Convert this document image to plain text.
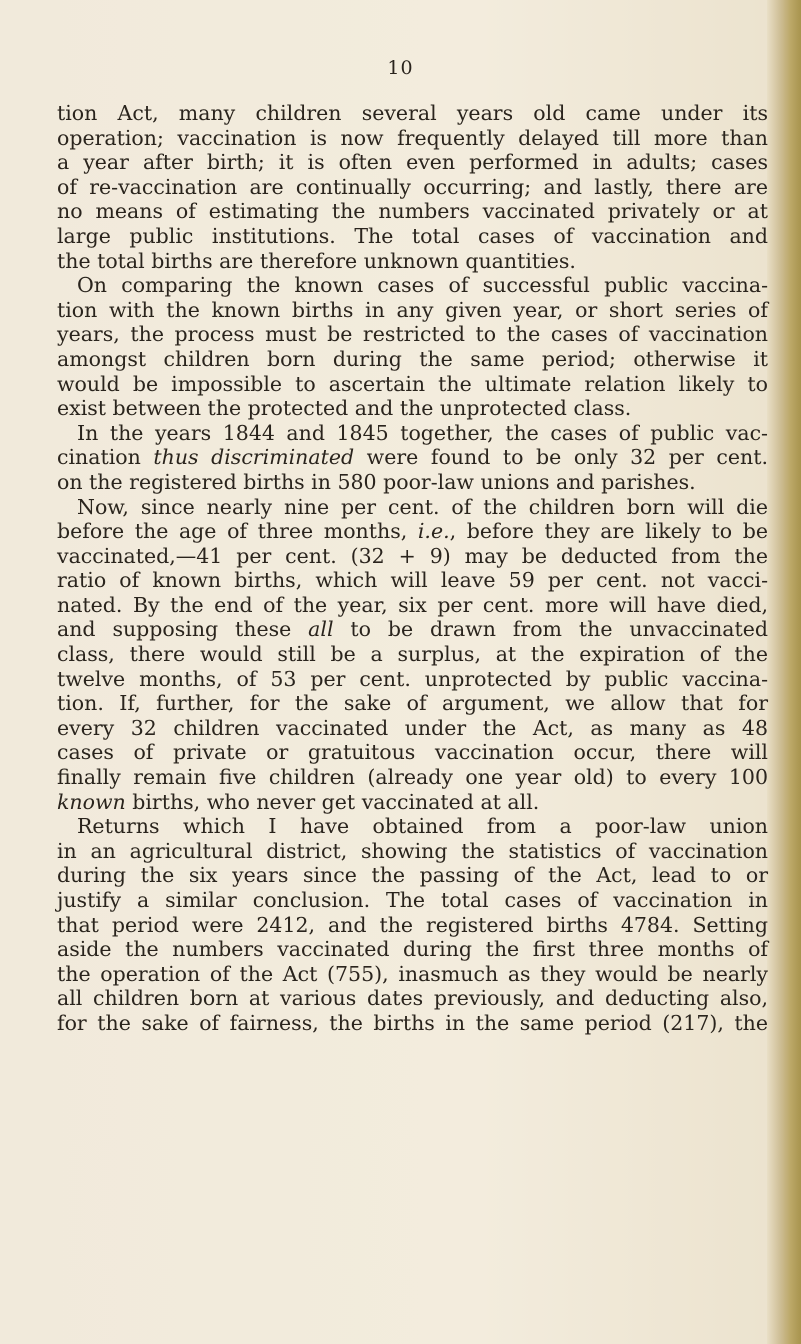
10
tion Act, many children several years old came under its
operation; vaccination is now frequently delayed till more than
a year after birth; it is often even performed in adults; cases
of re-vaccination are continually occurring; and lastly, there are
no means of estimating the numbers vaccinated privately or at
large public institutions. The total cases of vaccination and
the total births are therefore unknown quantities.
On comparing the known cases of successful public vaccina-
tion with the known births in any given year, or short series of
years, the process must be restricted to the cases of vaccination
amongst children born during the same period; otherwise it
would be impossible to ascertain the ultimate relation likely to
exist between the protected and the unprotected class.
In the years 1844 and 1845 together, the cases of public vac-
cination thus discriminated were found to be only 32 per cent.
on the registered births in 580 poor-law unions and parishes.
Now, since nearly nine per cent. of the children born will die
before the age of three months, i.e., before they are likely to be
vaccinated,—41 per cent. (32 + 9) may be deducted from the
ratio of known births, which will leave 59 per cent. not vacci-
nated. By the end of the year, six per cent. more will have died,
and supposing these all to be drawn from the unvaccinated
class, there would still be a surplus, at the expiration of the
twelve months, of 53 per cent. unprotected by public vaccina-
tion. If, further, for the sake of argument, we allow that for
every 32 children vaccinated under the Act, as many as 48
cases of private or gratuitous vaccination occur, there will
finally remain five children (already one year old) to every 100
known births, who never get vaccinated at all.
Returns which I have obtained from a poor-law union
in an agricultural district, showing the statistics of vaccination
during the six years since the passing of the Act, lead to or
justify a similar conclusion. The total cases of vaccination in
that period were 2412, and the registered births 4784. Setting
aside the numbers vaccinated during the first three months of
the operation of the Act (755), inasmuch as they would be nearly
all children born at various dates previously, and deducting also,
for the sake of fairness, the births in the same period (217), the
